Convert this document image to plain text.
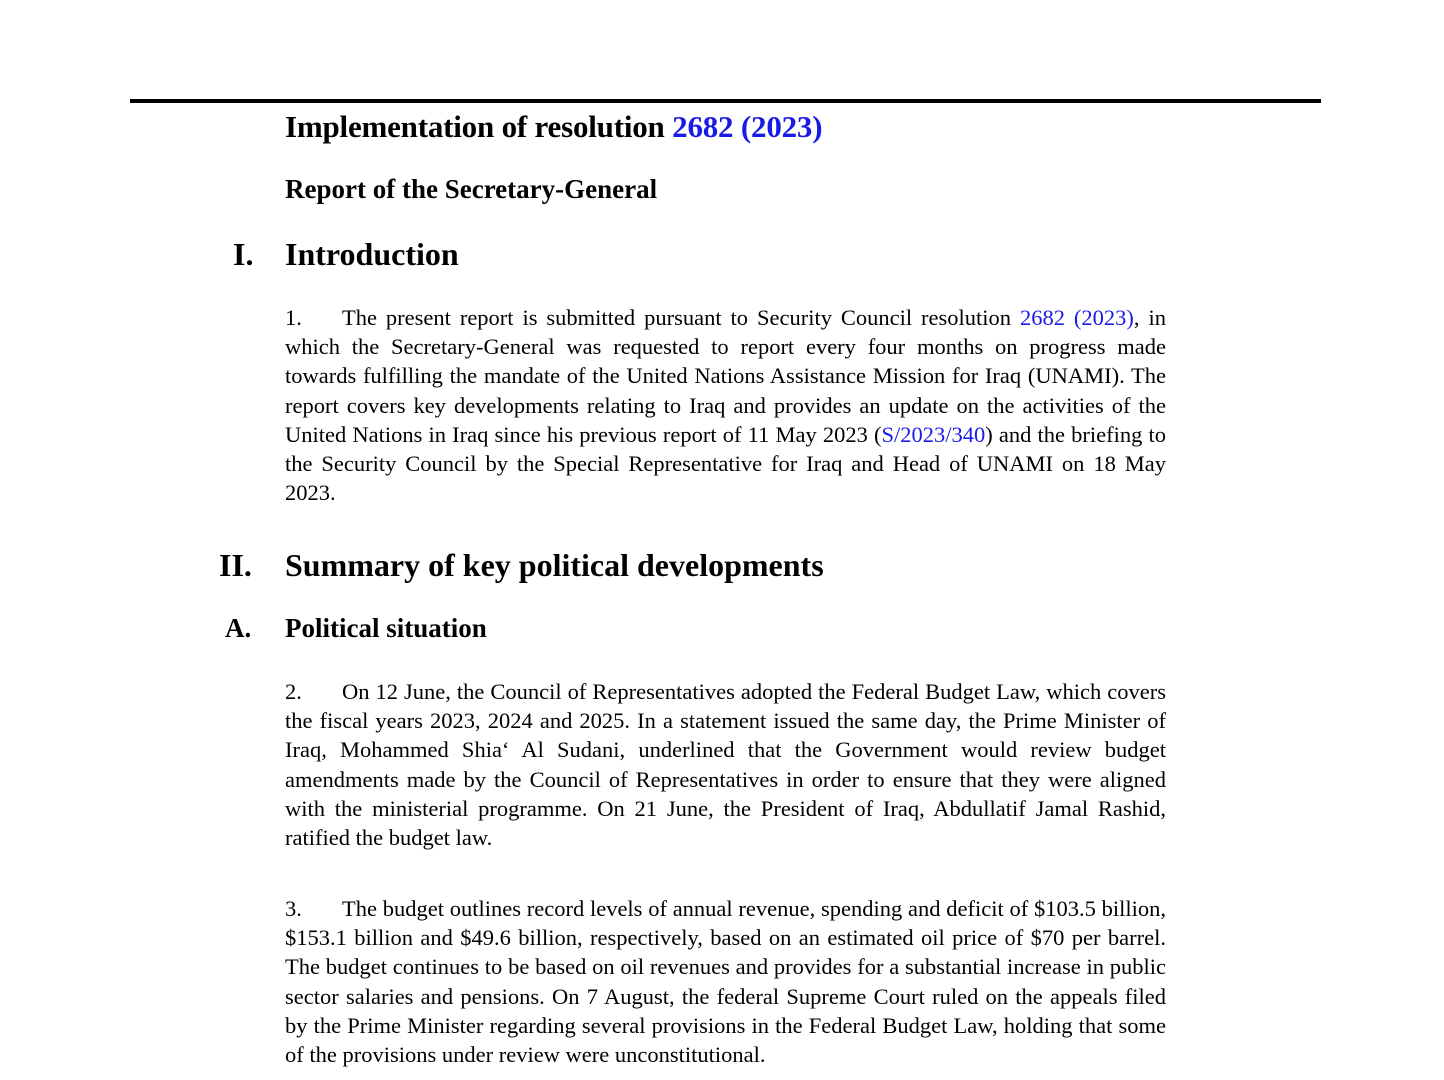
Implementation of resolution 2682 (2023)
Report of the Secretary-General
I. Introduction
1. The present report is submitted pursuant to Security Council resolution 2682 (2023), in which the Secretary-General was requested to report every four months on progress made towards fulfilling the mandate of the United Nations Assistance Mission for Iraq (UNAMI). The report covers key developments relating to Iraq and provides an update on the activities of the United Nations in Iraq since his previous report of 11 May 2023 (S/2023/340) and the briefing to the Security Council by the Special Representative for Iraq and Head of UNAMI on 18 May 2023.
II. Summary of key political developments
A. Political situation
2. On 12 June, the Council of Representatives adopted the Federal Budget Law, which covers the fiscal years 2023, 2024 and 2025. In a statement issued the same day, the Prime Minister of Iraq, Mohammed Shia‘ Al Sudani, underlined that the Government would review budget amendments made by the Council of Representatives in order to ensure that they were aligned with the ministerial programme. On 21 June, the President of Iraq, Abdullatif Jamal Rashid, ratified the budget law.
3. The budget outlines record levels of annual revenue, spending and deficit of $103.5 billion, $153.1 billion and $49.6 billion, respectively, based on an estimated oil price of $70 per barrel. The budget continues to be based on oil revenues and provides for a substantial increase in public sector salaries and pensions. On 7 August, the federal Supreme Court ruled on the appeals filed by the Prime Minister regarding several provisions in the Federal Budget Law, holding that some of the provisions under review were unconstitutional.
